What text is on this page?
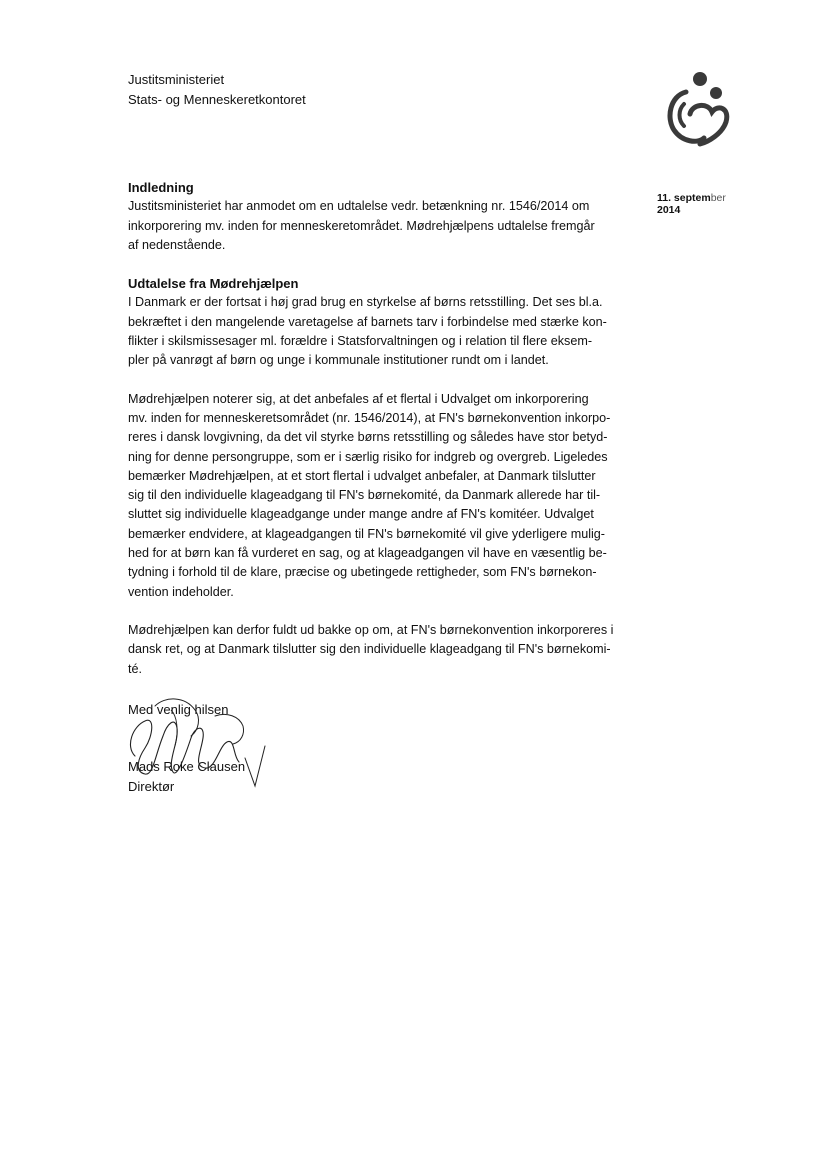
Justitsministeriet
Stats- og Menneskeretkontoret
11. september
2014
Indledning

Justitsministeriet har anmodet om en udtalelse vedr. betænkning nr. 1546/2014 om
inkorporering mv. inden for menneskeretområdet. Mødrehjælpens udtalelse fremgår
af nedenstående.

Udtalelse fra Mødrehjælpen

I Danmark er der fortsat i høj grad brug en styrkelse af børns retsstilling. Det ses bl.a.
bekræftet i den mangelende varetagelse af barnets tarv i forbindelse med stærke kon-
flikter i skilsmissesager ml. forældre i Statsforvaltningen og i relation til flere eksem-
pler på vanrøgt af børn og unge i kommunale institutioner rundt om i landet.

Mødrehjælpen noterer sig, at det anbefales af et flertal i Udvalget om inkorporering
mv. inden for menneskeretsområdet (nr. 1546/2014), at FN's børnekonvention inkorpo-
reres i dansk lovgivning, da det vil styrke børns retsstilling og således have stor betyd-
ning for denne persongruppe, som er i særlig risiko for indgreb og overgreb. Ligeledes
bemærker Mødrehjælpen, at et stort flertal i udvalget anbefaler, at Danmark tilslutter
sig til den individuelle klageadgang til FN's børnekomité, da Danmark allerede har til-
sluttet sig individuelle klageadgange under mange andre af FN's komitéer. Udvalget
bemærker endvidere, at klageadgangen til FN's børnekomité vil give yderligere mulig-
hed for at børn kan få vurderet en sag, og at klageadgangen vil have en væsentlig be-
tydning i forhold til de klare, præcise og ubetingede rettigheder, som FN's børnekon-
vention indeholder.

Mødrehjælpen kan derfor fuldt ud bakke op om, at FN's børnekonvention inkorporeres i
dansk ret, og at Danmark tilslutter sig den individuelle klageadgang til FN's børnekomi-
té.

Med venlig hilsen
Mads Roke Clausen
Direktør
